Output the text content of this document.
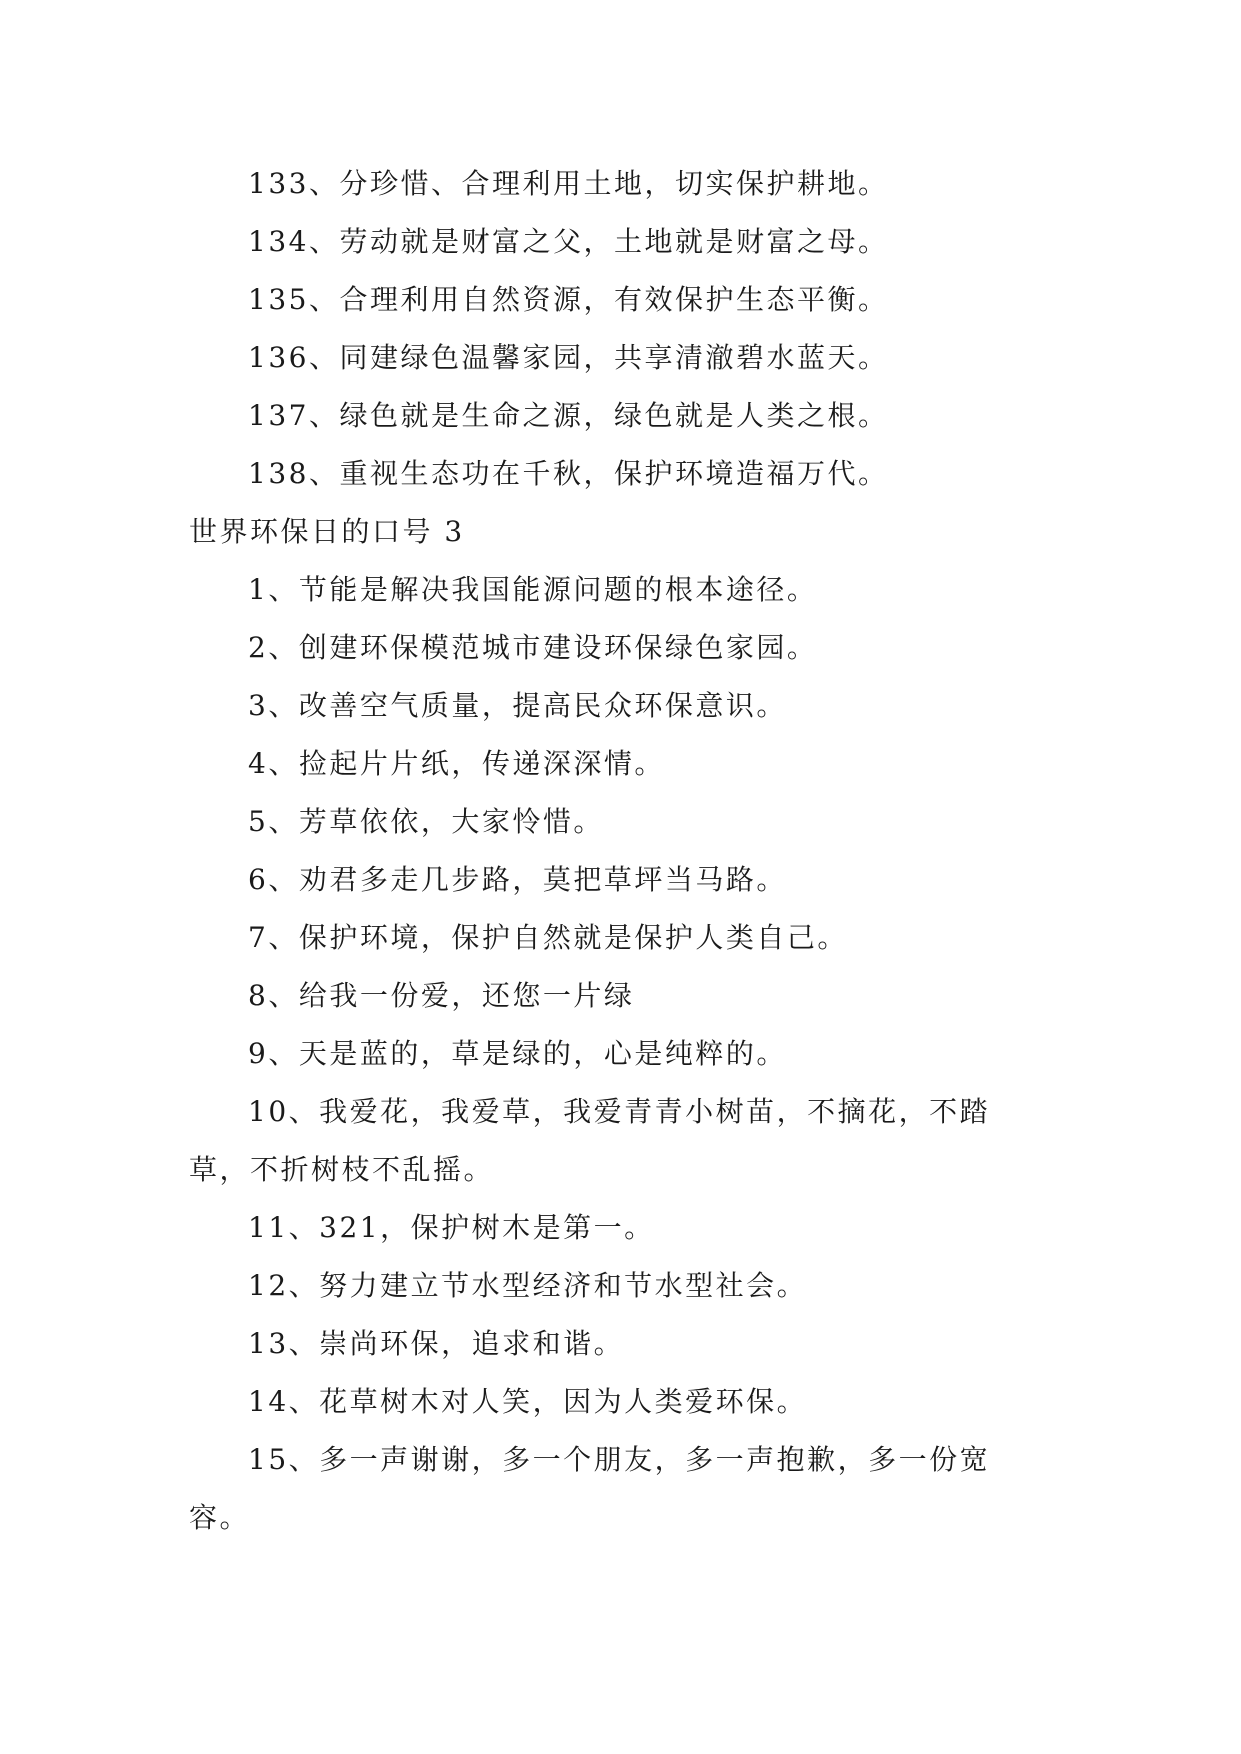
133、分珍惜、合理利用土地，切实保护耕地。

134、劳动就是财富之父，土地就是财富之母。

135、合理利用自然资源，有效保护生态平衡。

136、同建绿色温馨家园，共享清澈碧水蓝天。

137、绿色就是生命之源，绿色就是人类之根。

138、重视生态功在千秋，保护环境造福万代。

世界环保日的口号 3

1、节能是解决我国能源问题的根本途径。

2、创建环保模范城市建设环保绿色家园。

3、改善空气质量，提高民众环保意识。

4、捡起片片纸，传递深深情。

5、芳草依依，大家怜惜。

6、劝君多走几步路，莫把草坪当马路。

7、保护环境，保护自然就是保护人类自己。

8、给我一份爱，还您一片绿

9、天是蓝的，草是绿的，心是纯粹的。

10、我爱花，我爱草，我爱青青小树苗，不摘花，不踏
草，不折树枝不乱摇。

11、321，保护树木是第一。

12、努力建立节水型经济和节水型社会。

13、崇尚环保，追求和谐。

14、花草树木对人笑，因为人类爱环保。

15、多一声谢谢，多一个朋友，多一声抱歉，多一份宽
容。
